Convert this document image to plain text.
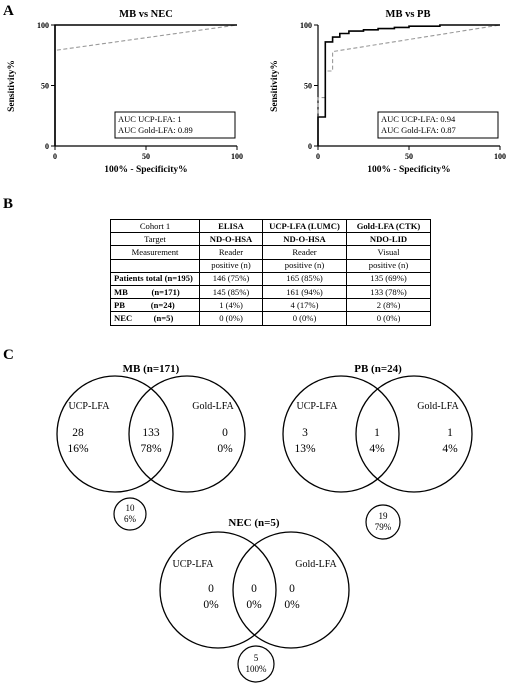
A
B
C
MB vs NEC
Sensitivity%
100% - Specificity%
0
50
100
0	50	100
AUC UCP-LFA: 1
AUC Gold-LFA: 0.89
MB vs PB
Sensitivity%
100% - Specificity%
0
50
100
0	50	100
AUC UCP-LFA: 0.94
AUC Gold-LFA: 0.87
MB (n=171)
UCP-LFA	Gold-LFA
28
16%
133
78%
0
0%
10
6%
PB (n=24)
UCP-LFA	Gold-LFA
3
13%
1
4%
1
4%
19
79%
NEC (n=5)
UCP-LFA	Gold-LFA
0
0%
0
0%
0
0%
5
100%
Cohort 1	ELISA	UCP-LFA (LUMC)	Gold-LFA (CTK)
Target	ND-O-HSA	ND-O-HSA	NDO-LID
Measurement	Reader	Reader	Visual
	positive (n)	positive (n)	positive (n)
Patients total (n=195)	146 (75%)	165 (85%)	135 (69%)
MB           (n=171)	145 (85%)	161 (94%)	133 (78%)
PB            (n=24)	1 (4%)	4 (17%)	2 (8%)
NEC          (n=5)	0 (0%)	0 (0%)	0 (0%)
